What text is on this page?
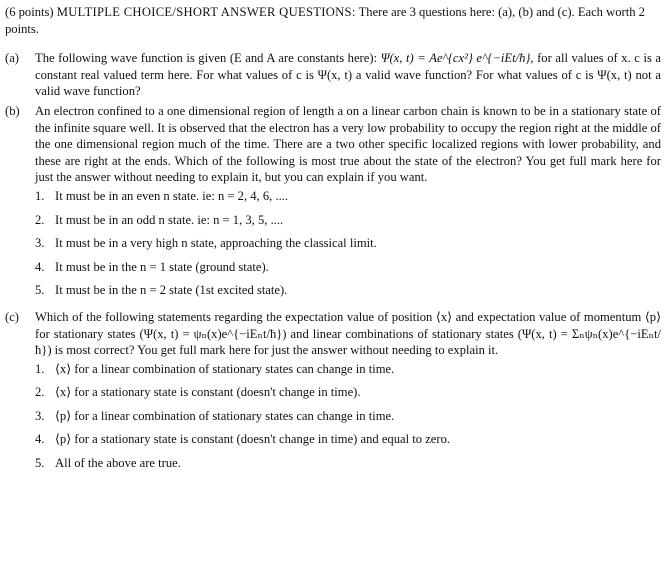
(6 points) MULTIPLE CHOICE/SHORT ANSWER QUESTIONS: There are 3 questions here: (a), (b) and (c). Each worth 2 points.
(a)	The following wave function is given (E and A are constants here): Ψ(x, t) = Ae^{cx²} e^{−iEt/ħ}, for all values of x. c is a constant real valued term here. For what values of c is Ψ(x, t) a valid wave function? For what values of c is Ψ(x, t) not a valid wave function?
(b)	An electron confined to a one dimensional region of length a on a linear carbon chain is known to be in a stationary state of the infinite square well. It is observed that the electron has a very low probability to occupy the region right at the middle of the one dimensional region much of the time. There are a two other specific localized regions with lower probability, and these are right at the ends. Which of the following is most true about the state of the electron? You get full mark here for just the answer without needing to explain it, but you can explain if you want.
1. It must be in an even n state. ie: n = 2, 4, 6, ....
2. It must be in an odd n state. ie: n = 1, 3, 5, ....
3. It must be in a very high n state, approaching the classical limit.
4. It must be in the n = 1 state (ground state).
5. It must be in the n = 2 state (1st excited state).
(c)	Which of the following statements regarding the expectation value of position ⟨x⟩ and expectation value of momentum ⟨p⟩ for stationary states (Ψ(x, t) = ψₙ(x)e^{−iEₙt/ħ}) and linear combinations of stationary states (Ψ(x, t) = Σₙψₙ(x)e^{−iEₙt/ħ}) is most correct? You get full mark here for just the answer without needing to explain it.
1. ⟨x⟩ for a linear combination of stationary states can change in time.
2. ⟨x⟩ for a stationary state is constant (doesn't change in time).
3. ⟨p⟩ for a linear combination of stationary states can change in time.
4. ⟨p⟩ for a stationary state is constant (doesn't change in time) and equal to zero.
5. All of the above are true.
